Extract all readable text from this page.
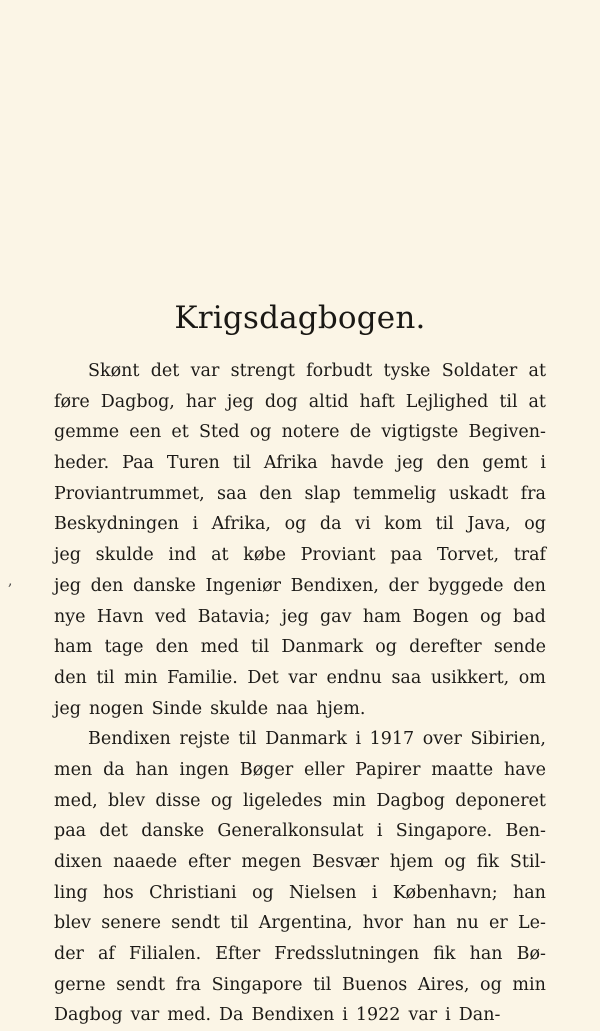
Krigsdagbogen.
,
Skønt det var strengt forbudt tyske Soldater at
føre Dagbog, har jeg dog altid haft Lejlighed til at
gemme een et Sted og notere de vigtigste Begiven-
heder. Paa Turen til Afrika havde jeg den gemt i
Proviantrummet, saa den slap temmelig uskadt fra
Beskydningen i Afrika, og da vi kom til Java, og
jeg skulde ind at købe Proviant paa Torvet, traf
jeg den danske Ingeniør Bendixen, der byggede den
nye Havn ved Batavia; jeg gav ham Bogen og bad
ham tage den med til Danmark og derefter sende
den til min Familie. Det var endnu saa usikkert, om
jeg nogen Sinde skulde naa hjem.
Bendixen rejste til Danmark i 1917 over Sibirien,
men da han ingen Bøger eller Papirer maatte have
med, blev disse og ligeledes min Dagbog deponeret
paa det danske Generalkonsulat i Singapore. Ben-
dixen naaede efter megen Besvær hjem og fik Stil-
ling hos Christiani og Nielsen i København; han
blev senere sendt til Argentina, hvor han nu er Le-
der af Filialen. Efter Fredsslutningen fik han Bø-
gerne sendt fra Singapore til Buenos Aires, og min
Dagbog var med. Da Bendixen i 1922 var i Dan-
